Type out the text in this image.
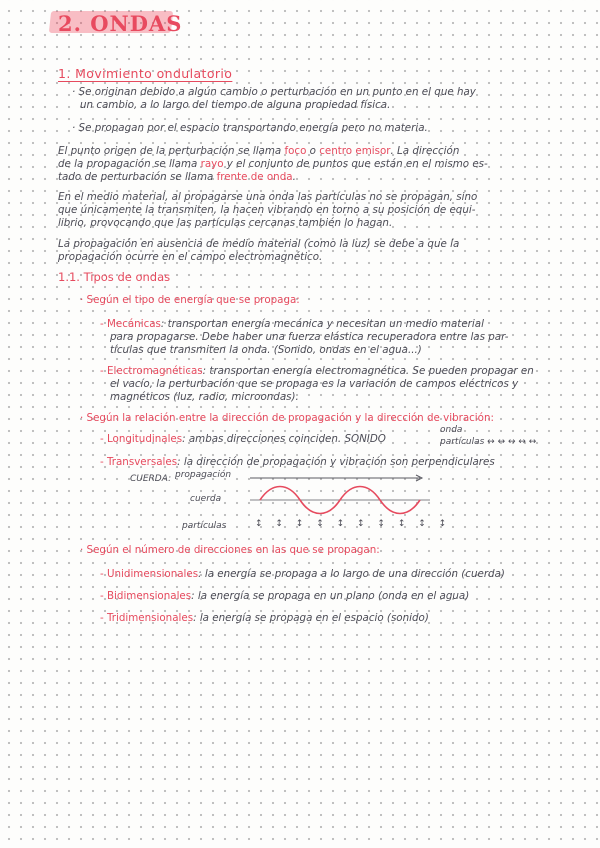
2. ONDAS
1. Movimiento ondulatorio
· Se originan debido a algún cambio o perturbación en un punto en el que hay
un cambio, a lo largo del tiempo de alguna propiedad física.
· Se propagan por el espacio transportando energía pero no materia.
El punto origen de la perturbación se llama foco o centro emisor. La dirección
de la propagación se llama rayo y el conjunto de puntos que están en el mismo es-
tado de perturbación se llama frente de onda.
En el medio material, al propagarse una onda las partículas no se propagan, sino
que únicamente la transmiten, la hacen vibrando en torno a su posición de equi-
librio, provocando que las partículas cercanas también lo hagan.
La propagación en ausencia de medio material (como la luz) se debe a que la
propagación ocurre en el campo electromagnético.
1.1. Tipos de ondas
· Según el tipo de energía que se propaga:
- Mecánicas: transportan energía mecánica y necesitan un medio material
para propagarse. Debe haber una fuerza elástica recuperadora entre las par-
tículas que transmiten la onda. (Sonido, ondas en el agua...)
- Electromagnéticas: transportan energía electromagnética. Se pueden propagar en
el vacío, la perturbación que se propaga es la variación de campos eléctricos y
magnéticos (luz, radio, microondas).
· Según la relación entre la dirección de propagación y la dirección de vibración:
- Longitudinales: ambas direcciones coinciden. SONIDO
onda
partículas ↔ ↔ ↔ ↔ ↔
- Transversales: la dirección de propagación y vibración son perpendiculares
CUERDA: propagación
cuerda
partículas	↕ ↕ ↕ ↕ ↕ ↕ ↕ ↕ ↕ ↕
· Según el número de direcciones en las que se propagan:
- Unidimensionales: la energía se propaga a lo largo de una dirección (cuerda)
- Bidimensionales: la energía se propaga en un plano (onda en el agua)
- Tridimensionales: la energía se propaga en el espacio (sonido)
